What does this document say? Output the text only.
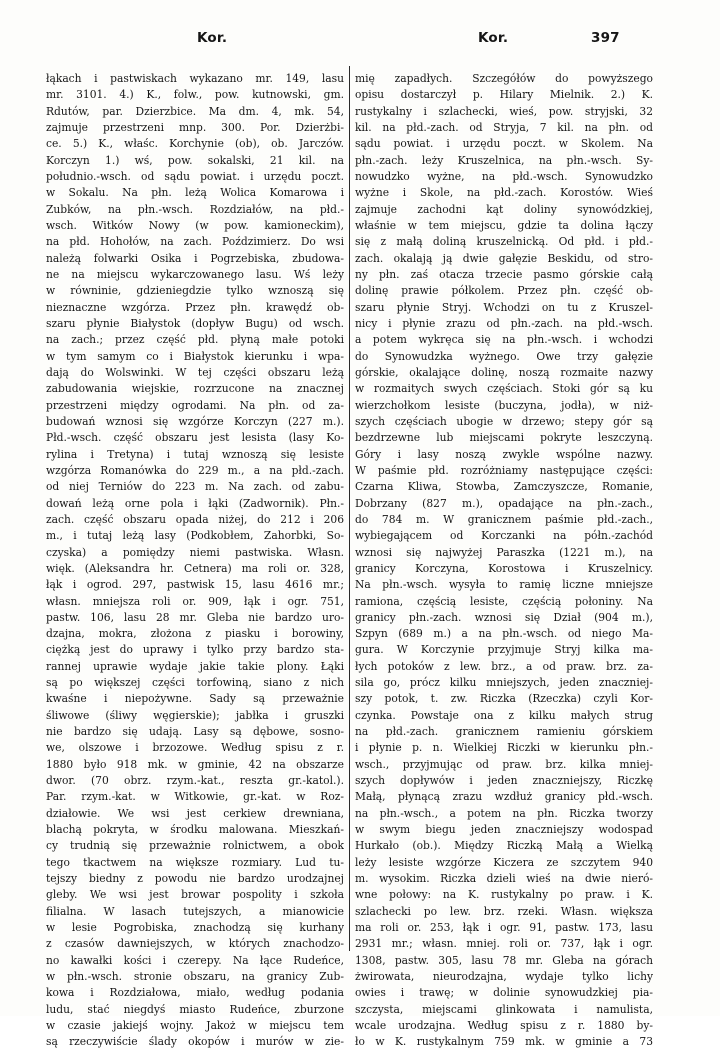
Kor.	Kor.	397
łąkach i pastwiskach wykazano mr. 149, lasu
mr. 3101. 4.) K., folw., pow. kutnowski, gm.
Rdutów, par. Dzierzbice. Ma dm. 4, mk. 54,
zajmuje przestrzeni mnp. 300. Por. Dzierżbi-
ce. 5.) K., właśc. Korchynie (ob), ob. Jarczów.
Korczyn 1.) wś, pow. sokalski, 21 kil. na
południo.-wsch. od sądu powiat. i urzędu poczt.
w Sokalu. Na płn. leżą Wolica Komarowa i
Zubków, na płn.-wsch. Rozdziałów, na płd.-
wsch. Witków Nowy (w pow. kamioneckim),
na płd. Hohołów, na zach. Poździmierz. Do wsi
należą folwarki Osika i Pogrzebiska, zbudowa-
ne na miejscu wykarczowanego lasu. Wś leży
w równinie, gdzieniegdzie tylko wznoszą się
nieznaczne wzgórza. Przez płn. krawędź ob-
szaru płynie Białystok (dopływ Bugu) od wsch.
na zach.; przez część płd. płyną małe potoki
w tym samym co i Białystok kierunku i wpa-
dają do Wolswinki. W tej części obszaru leżą
zabudowania wiejskie, rozrzucone na znacznej
przestrzeni między ogrodami. Na płn. od za-
budowań wznosi się wzgórze Korczyn (227 m.).
Płd.-wsch. część obszaru jest lesista (lasy Ko-
rylina i Tretyna) i tutaj wznoszą się lesiste
wzgórza Romanówka do 229 m., a na płd.-zach.
od niej Terniów do 223 m. Na zach. od zabu-
dowań leżą orne pola i łąki (Zadwornik). Płn.-
zach. część obszaru opada niżej, do 212 i 206
m., i tutaj leżą lasy (Podkobłem, Zahorbki, So-
czyska) a pomiędzy niemi pastwiska. Własn.
więk. (Aleksandra hr. Cetnera) ma roli or. 328,
łąk i ogrod. 297, pastwisk 15, lasu 4616 mr.;
własn. mniejsza roli or. 909, łąk i ogr. 751,
pastw. 106, lasu 28 mr. Gleba nie bardzo uro-
dzajna, mokra, złożona z piasku i borowiny,
ciężką jest do uprawy i tylko przy bardzo sta-
rannej uprawie wydaje jakie takie plony. Łąki
są po większej części torfowiną, siano z nich
kwaśne i niepożywne. Sady są przeważnie
śliwowe (śliwy węgierskie); jabłka i gruszki
nie bardzo się udają. Lasy są dębowe, sosno-
we, olszowe i brzozowe. Według spisu z r.
1880 było 918 mk. w gminie, 42 na obszarze
dwor. (70 obrz. rzym.-kat., reszta gr.-katol.).
Par. rzym.-kat. w Witkowie, gr.-kat. w Roz-
działowie. We wsi jest cerkiew drewniana,
blachą pokryta, w środku malowana. Mieszkań-
cy trudnią się przeważnie rolnictwem, a obok
tego tkactwem na większe rozmiary. Lud tu-
tejszy biedny z powodu nie bardzo urodzajnej
gleby. We wsi jest browar pospolity i szkoła
filialna. W lasach tutejszych, a mianowicie
w lesie Pogrobiska, znachodzą się kurhany
z czasów dawniejszych, w których znachodzo-
no kawałki kości i czerepy. Na łące Rudeńce,
w płn.-wsch. stronie obszaru, na granicy Zub-
kowa i Rozdziałowa, miało, według podania
ludu, stać niegdyś miasto Rudeńce, zburzone
w czasie jakiejś wojny. Jakoż w miejscu tem
są rzeczywiście ślady okopów i murów w zie-
mię zapadłych. Szczegółów do powyższego
opisu dostarczył p. Hilary Mielnik. 2.) K.
rustykalny i szlachecki, wieś, pow. stryjski, 32
kil. na płd.-zach. od Stryja, 7 kil. na płn. od
sądu powiat. i urzędu poczt. w Skolem. Na
płn.-zach. leży Kruszelnica, na płn.-wsch. Sy-
nowudzko wyżne, na płd.-wsch. Synowudzko
wyżne i Skole, na płd.-zach. Korostów. Wieś
zajmuje zachodni kąt doliny synowódzkiej,
właśnie w tem miejscu, gdzie ta dolina łączy
się z małą doliną kruszelnicką. Od płd. i płd.-
zach. okalają ją dwie gałęzie Beskidu, od stro-
ny płn. zaś otacza trzecie pasmo górskie całą
dolinę prawie półkolem. Przez płn. część ob-
szaru płynie Stryj. Wchodzi on tu z Kruszel-
nicy i płynie zrazu od płn.-zach. na płd.-wsch.
a potem wykręca się na płn.-wsch. i wchodzi
do Synowudzka wyżnego. Owe trzy gałęzie
górskie, okalające dolinę, noszą rozmaite nazwy
w rozmaitych swych częściach. Stoki gór są ku
wierzchołkom lesiste (buczyna, jodła), w niż-
szych częściach ubogie w drzewo; stepy gór są
bezdrzewne lub miejscami pokryte leszczyną.
Góry i lasy noszą zwykle wspólne nazwy.
W paśmie płd. rozróżniamy następujące części:
Czarna Kliwa, Stowba, Zamczyszcze, Romanie,
Dobrzany (827 m.), opadające na płn.-zach.,
do 784 m. W granicznem paśmie płd.-zach.,
wybiegającem od Korczanki na półn.-zachód
wznosi się najwyżej Paraszka (1221 m.), na
granicy Korczyna, Korostowa i Kruszelnicy.
Na płn.-wsch. wysyła to ramię liczne mniejsze
ramiona, częścią lesiste, częścią połoniny. Na
granicy płn.-zach. wznosi się Dział (904 m.),
Szpyn (689 m.) a na płn.-wsch. od niego Ma-
gura. W Korczynie przyjmuje Stryj kilka ma-
łych potoków z lew. brz., a od praw. brz. za-
sila go, prócz kilku mniejszych, jeden znaczniej-
szy potok, t. zw. Riczka (Rzeczka) czyli Kor-
czynka. Powstaje ona z kilku małych strug
na płd.-zach. granicznem ramieniu górskiem
i płynie p. n. Wielkiej Riczki w kierunku płn.-
wsch., przyjmując od praw. brz. kilka mniej-
szych dopływów i jeden znaczniejszy, Riczkę
Małą, płynącą zrazu wzdłuż granicy płd.-wsch.
na płn.-wsch., a potem na płn. Riczka tworzy
w swym biegu jeden znaczniejszy wodospad
Hurkało (ob.). Między Riczką Małą a Wielką
leży lesiste wzgórze Kiczera ze szczytem 940
m. wysokim. Riczka dzieli wieś na dwie nieró-
wne połowy: na K. rustykalny po praw. i K.
szlachecki po lew. brz. rzeki. Własn. większa
ma roli or. 253, łąk i ogr. 91, pastw. 173, lasu
2931 mr.; własn. mniej. roli or. 737, łąk i ogr.
1308, pastw. 305, lasu 78 mr. Gleba na górach
żwirowata, nieurodzajna, wydaje tylko lichy
owies i trawę; w dolinie synowudzkiej pia-
szczysta, miejscami glinkowata i namulista,
wcale urodzajna. Według spisu z r. 1880 by-
ło w K. rustykalnym 759 mk. w gminie a 73
